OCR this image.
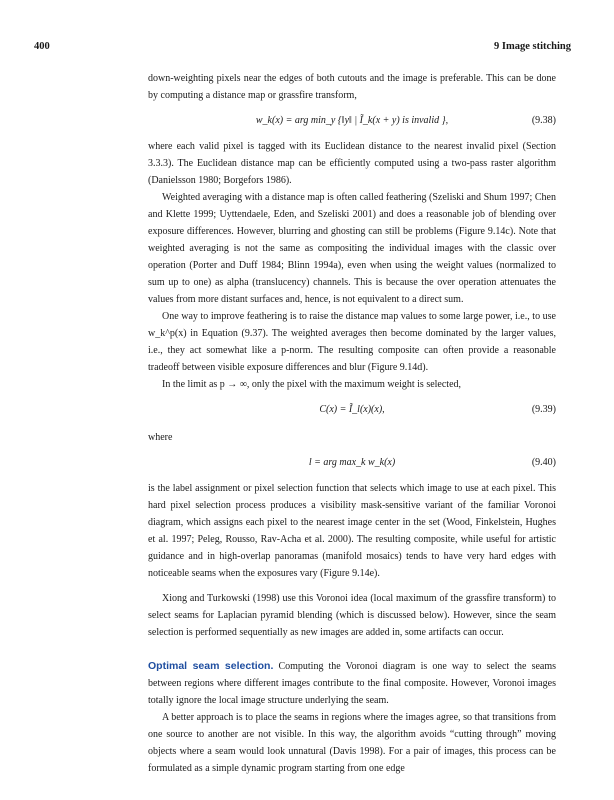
400	9 Image stitching

down-weighting pixels near the edges of both cutouts and the image is preferable. This can be done by computing a distance map or grassfire transform,

w_k(x) = arg min_y {‖y‖ | Ĩ_k(x + y) is invalid },	(9.38)

where each valid pixel is tagged with its Euclidean distance to the nearest invalid pixel (Section 3.3.3). The Euclidean distance map can be efficiently computed using a two-pass raster algorithm (Danielsson 1980; Borgefors 1986).

Weighted averaging with a distance map is often called feathering (Szeliski and Shum 1997; Chen and Klette 1999; Uyttendaele, Eden, and Szeliski 2001) and does a reasonable job of blending over exposure differences. However, blurring and ghosting can still be problems (Figure 9.14c). Note that weighted averaging is not the same as compositing the individual images with the classic over operation (Porter and Duff 1984; Blinn 1994a), even when using the weight values (normalized to sum up to one) as alpha (translucency) channels. This is because the over operation attenuates the values from more distant surfaces and, hence, is not equivalent to a direct sum.

One way to improve feathering is to raise the distance map values to some large power, i.e., to use w_k^p(x) in Equation (9.37). The weighted averages then become dominated by the larger values, i.e., they act somewhat like a p-norm. The resulting composite can often provide a reasonable tradeoff between visible exposure differences and blur (Figure 9.14d).

In the limit as p → ∞, only the pixel with the maximum weight is selected,

C(x) = Ĩ_l(x)(x),	(9.39)

where

l = arg max_k w_k(x)	(9.40)

is the label assignment or pixel selection function that selects which image to use at each pixel. This hard pixel selection process produces a visibility mask-sensitive variant of the familiar Voronoi diagram, which assigns each pixel to the nearest image center in the set (Wood, Finkelstein, Hughes et al. 1997; Peleg, Rousso, Rav-Acha et al. 2000). The resulting composite, while useful for artistic guidance and in high-overlap panoramas (manifold mosaics) tends to have very hard edges with noticeable seams when the exposures vary (Figure 9.14e).

Xiong and Turkowski (1998) use this Voronoi idea (local maximum of the grassfire transform) to select seams for Laplacian pyramid blending (which is discussed below). However, since the seam selection is performed sequentially as new images are added in, some artifacts can occur.

Optimal seam selection. Computing the Voronoi diagram is one way to select the seams between regions where different images contribute to the final composite. However, Voronoi images totally ignore the local image structure underlying the seam.

A better approach is to place the seams in regions where the images agree, so that transitions from one source to another are not visible. In this way, the algorithm avoids “cutting through” moving objects where a seam would look unnatural (Davis 1998). For a pair of images, this process can be formulated as a simple dynamic program starting from one edge
